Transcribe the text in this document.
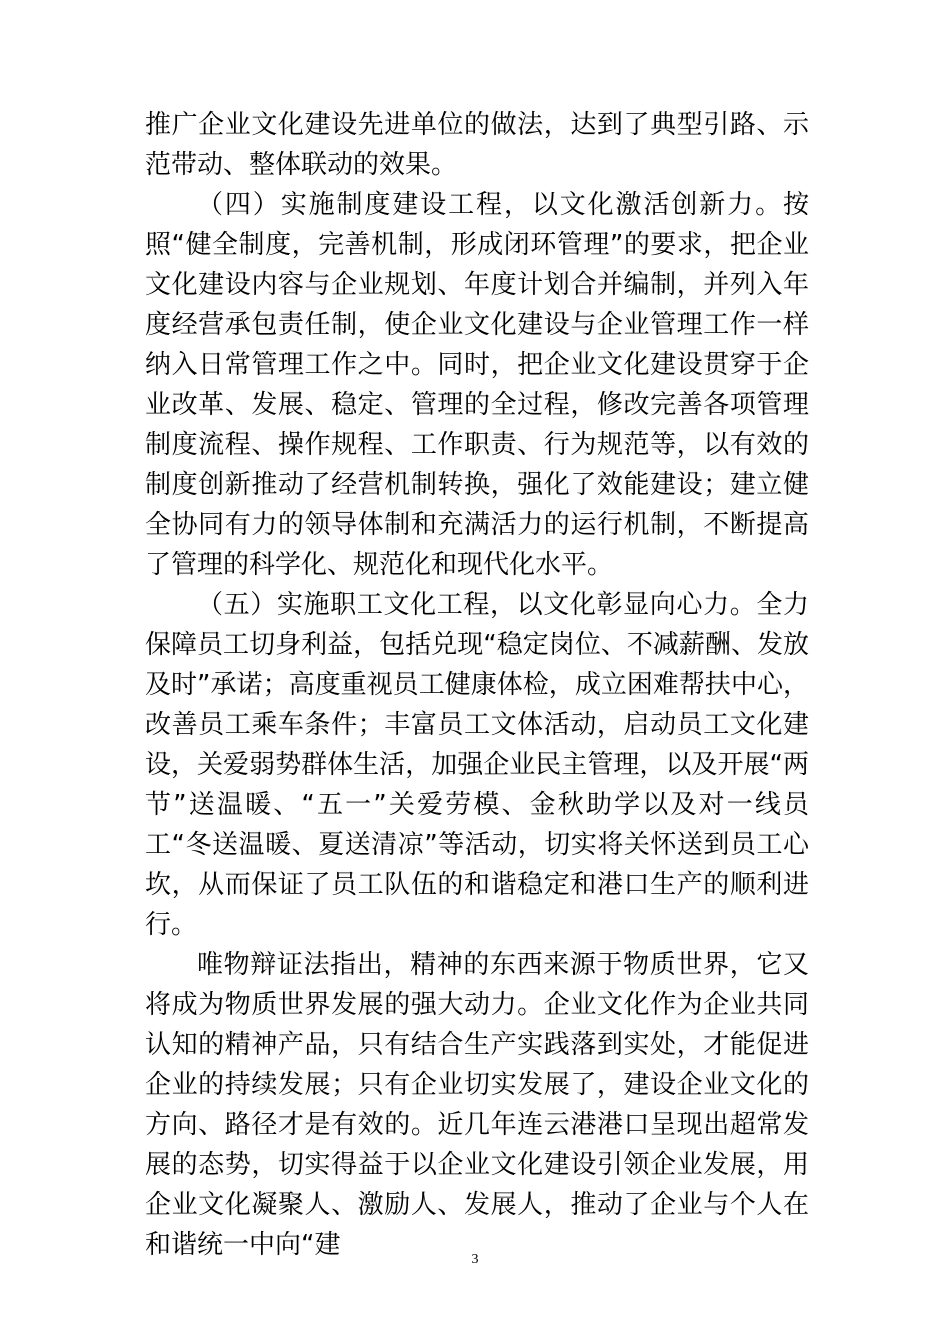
推广企业文化建设先进单位的做法，达到了典型引路、示范带动、整体联动的效果。

（四）实施制度建设工程，以文化激活创新力。按照“健全制度，完善机制，形成闭环管理”的要求，把企业文化建设内容与企业规划、年度计划合并编制，并列入年度经营承包责任制，使企业文化建设与企业管理工作一样纳入日常管理工作之中。同时，把企业文化建设贯穿于企业改革、发展、稳定、管理的全过程，修改完善各项管理制度流程、操作规程、工作职责、行为规范等，以有效的制度创新推动了经营机制转换，强化了效能建设；建立健全协同有力的领导体制和充满活力的运行机制，不断提高了管理的科学化、规范化和现代化水平。

（五）实施职工文化工程，以文化彰显向心力。全力保障员工切身利益，包括兑现“稳定岗位、不减薪酬、发放及时”承诺；高度重视员工健康体检，成立困难帮扶中心，改善员工乘车条件；丰富员工文体活动，启动员工文化建设，关爱弱势群体生活，加强企业民主管理，以及开展“两节”送温暖、“五一”关爱劳模、金秋助学以及对一线员工“冬送温暖、夏送清凉”等活动，切实将关怀送到员工心坎，从而保证了员工队伍的和谐稳定和港口生产的顺利进行。

唯物辩证法指出，精神的东西来源于物质世界，它又将成为物质世界发展的强大动力。企业文化作为企业共同认知的精神产品，只有结合生产实践落到实处，才能促进企业的持续发展；只有企业切实发展了，建设企业文化的方向、路径才是有效的。近几年连云港港口呈现出超常发展的态势，切实得益于以企业文化建设引领企业发展，用企业文化凝聚人、激励人、发展人，推动了企业与个人在和谐统一中向“建	3
